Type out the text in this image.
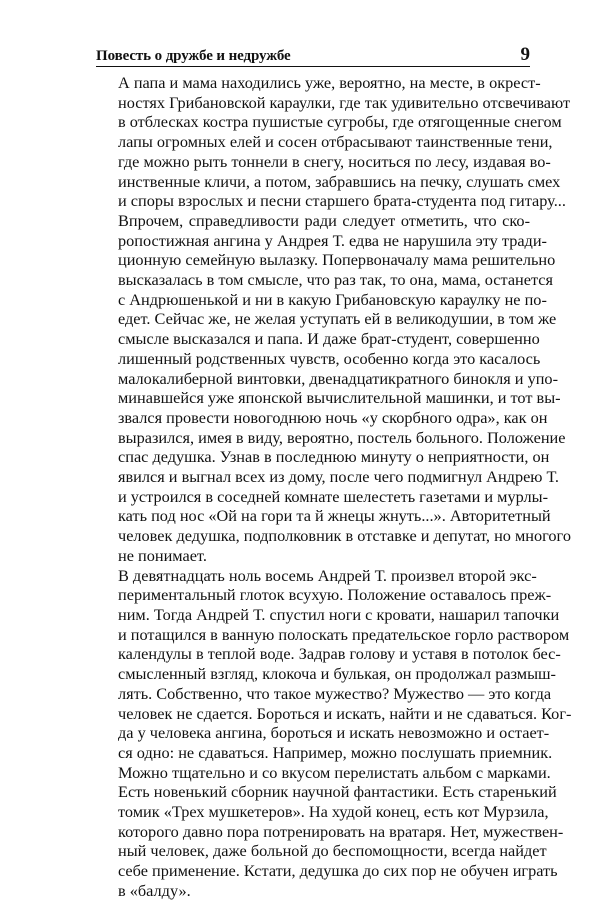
Повесть о дружбе и недружбе	9

А папа и мама находились уже, вероятно, на месте, в окрест-
ностях Грибановской караулки, где так удивительно отсвечивают
в отблесках костра пушистые сугробы, где отягощенные снегом
лапы огромных елей и сосен отбрасывают таинственные тени,
где можно рыть тоннели в снегу, носиться по лесу, издавая во-
инственные кличи, а потом, забравшись на печку, слушать смех
и споры взрослых и песни старшего брата-студента под гитару...

Впрочем, справедливости ради следует отметить, что ско-
ропостижная ангина у Андрея Т. едва не нарушила эту тради-
ционную семейную вылазку. Попервоначалу мама решительно
высказалась в том смысле, что раз так, то она, мама, останется
с Андрюшенькой и ни в какую Грибановскую караулку не по-
едет. Сейчас же, не желая уступать ей в великодушии, в том же
смысле высказался и папа. И даже брат-студент, совершенно
лишенный родственных чувств, особенно когда это касалось
малокалиберной винтовки, двенадцатикратного бинокля и упо-
минавшейся уже японской вычислительной машинки, и тот вы-
звался провести новогоднюю ночь «у скорбного одра», как он
выразился, имея в виду, вероятно, постель больного. Положение
спас дедушка. Узнав в последнюю минуту о неприятности, он
явился и выгнал всех из дому, после чего подмигнул Андрею Т.
и устроился в соседней комнате шелестеть газетами и мурлы-
кать под нос «Ой на гори та й жнецы жнуть...». Авторитетный
человек дедушка, подполковник в отставке и депутат, но многого
не понимает.

В девятнадцать ноль восемь Андрей Т. произвел второй экс-
периментальный глоток всухую. Положение оставалось преж-
ним. Тогда Андрей Т. спустил ноги с кровати, нашарил тапочки
и потащился в ванную полоскать предательское горло раствором
календулы в теплой воде. Задрав голову и уставя в потолок бес-
смысленный взгляд, клокоча и булькая, он продолжал размыш-
лять. Собственно, что такое мужество? Мужество — это когда
человек не сдается. Бороться и искать, найти и не сдаваться. Ког-
да у человека ангина, бороться и искать невозможно и остает-
ся одно: не сдаваться. Например, можно послушать приемник.
Можно тщательно и со вкусом перелистать альбом с марками.
Есть новенький сборник научной фантастики. Есть старенький
томик «Трех мушкетеров». На худой конец, есть кот Мурзила,
которого давно пора потренировать на вратаря. Нет, мужествен-
ный человек, даже больной до беспомощности, всегда найдет
себе применение. Кстати, дедушка до сих пор не обучен играть
в «балду».
